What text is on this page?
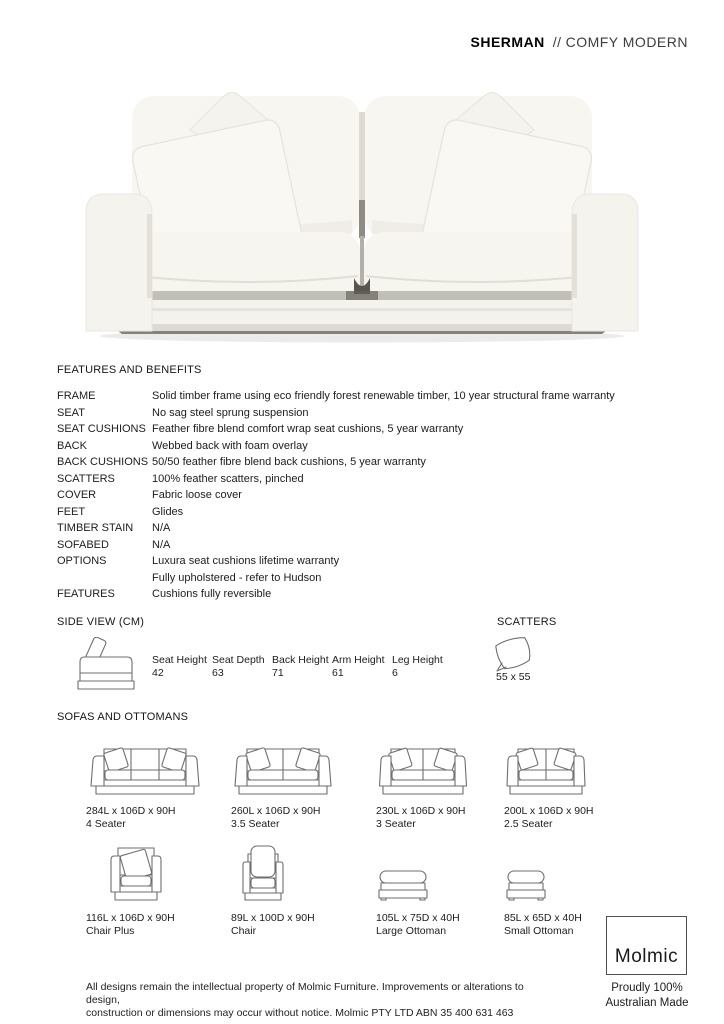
SHERMAN // COMFY MODERN
FEATURES AND BENEFITS
FRAME	Solid timber frame using eco friendly forest renewable timber, 10 year structural frame warranty
SEAT	No sag steel sprung suspension
SEAT CUSHIONS Feather fibre blend comfort wrap seat cushions, 5 year warranty
BACK	Webbed back with foam overlay
BACK CUSHIONS 50/50 feather fibre blend back cushions, 5 year warranty
SCATTERS	100% feather scatters, pinched
COVER	Fabric loose cover
FEET	Glides
TIMBER STAIN	N/A
SOFABED	N/A
OPTIONS	Luxura seat cushions lifetime warranty
Fully upholstered - refer to Hudson
FEATURES	Cushions fully reversible
SIDE VIEW (CM)
Seat Height
42
Seat Depth
63
Back Height
71
Arm Height
61
Leg Height
6
SCATTERS
55 x 55
SOFAS AND OTTOMANS
284L x 106D x 90H
4 Seater
260L x 106D x 90H
3.5 Seater
230L x 106D x 90H
3 Seater
200L x 106D x 90H
2.5 Seater
116L x 106D x 90H
Chair Plus
89L x 100D x 90H
Chair
105L x 75D x 40H
Large Ottoman
85L x 65D x 40H
Small Ottoman
All designs remain the intellectual property of Molmic Furniture. Improvements or alterations to design,
construction or dimensions may occur without notice. Molmic PTY LTD ABN 35 400 631 463
Molmic
Proudly 100%
Australian Made
